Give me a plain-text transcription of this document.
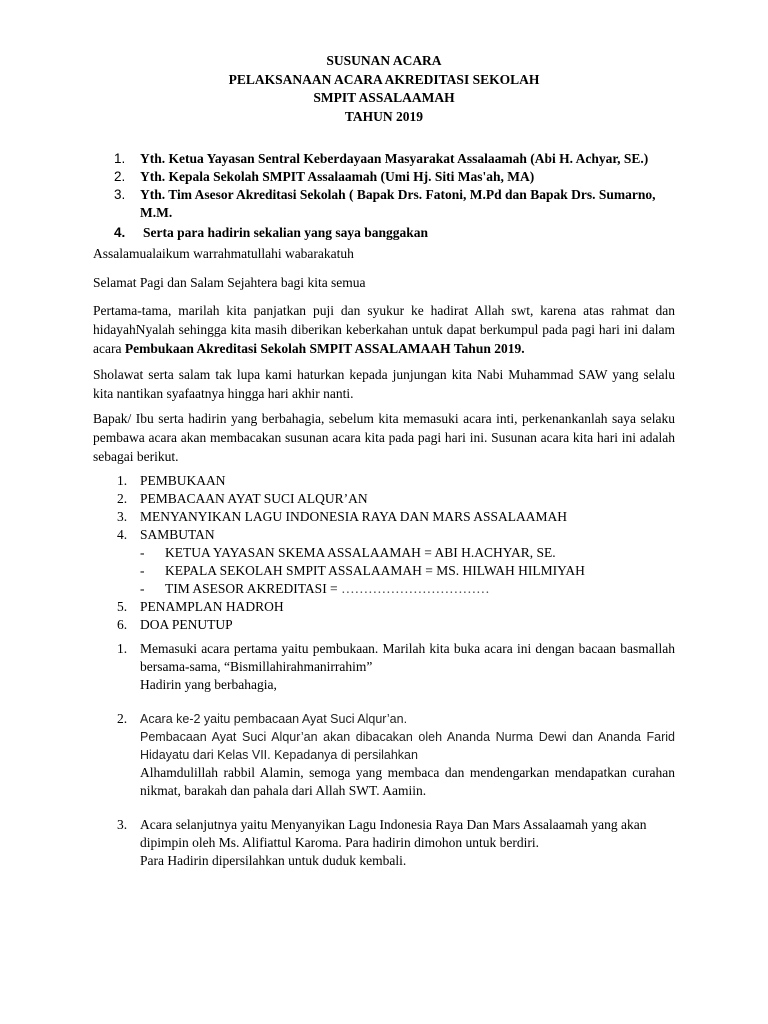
SUSUNAN ACARA
PELAKSANAAN ACARA AKREDITASI SEKOLAH
SMPIT ASSALAAMAH
TAHUN 2019
1. Yth. Ketua Yayasan Sentral Keberdayaan Masyarakat Assalaamah (Abi H. Achyar, SE.)
2. Yth. Kepala Sekolah SMPIT Assalaamah (Umi Hj. Siti Mas'ah, MA)
3. Yth. Tim Asesor Akreditasi Sekolah ( Bapak Drs. Fatoni, M.Pd dan Bapak Drs. Sumarno, M.M.
4. Serta para hadirin sekalian yang saya banggakan

Assalamualaikum warrahmatullahi wabarakatuh

Selamat Pagi dan Salam Sejahtera bagi kita semua

Pertama-tama, marilah kita panjatkan puji dan syukur ke hadirat Allah swt, karena atas rahmat dan hidayahNyalah sehingga kita masih diberikan keberkahan untuk dapat berkumpul pada pagi hari ini dalam acara Pembukaan Akreditasi Sekolah SMPIT ASSALAMAAH Tahun 2019.

Sholawat serta salam tak lupa kami haturkan kepada junjungan kita Nabi Muhammad SAW yang selalu kita nantikan syafaatnya hingga hari akhir nanti.

Bapak/ Ibu serta hadirin yang berbahagia, sebelum kita memasuki acara inti, perkenankanlah saya selaku pembawa acara akan membacakan susunan acara kita pada pagi hari ini. Susunan acara kita hari ini adalah sebagai berikut.

1. PEMBUKAAN
2. PEMBACAAN AYAT SUCI ALQUR’AN
3. MENYANYIKAN LAGU INDONESIA RAYA DAN MARS ASSALAAMAH
4. SAMBUTAN
- KETUA YAYASAN SKEMA ASSALAAMAH = ABI H.ACHYAR, SE.
- KEPALA SEKOLAH SMPIT ASSALAAMAH = MS. HILWAH HILMIYAH
- TIM ASESOR AKREDITASI = ……………………………
5. PENAMPLAN HADROH
6. DOA PENUTUP
1. Memasuki acara pertama yaitu pembukaan. Marilah kita buka acara ini dengan bacaan basmallah bersama-sama, “Bismillahirahmanirrahim”
Hadirin yang berbahagia,
2. Acara ke-2 yaitu pembacaan Ayat Suci Alqur’an.
Pembacaan Ayat Suci Alqur’an akan dibacakan oleh Ananda Nurma Dewi dan Ananda Farid Hidayatu dari Kelas VII. Kepadanya di persilahkan
Alhamdulillah rabbil Alamin, semoga yang membaca dan mendengarkan mendapatkan curahan nikmat, barakah dan pahala dari Allah SWT. Aamiin.
3. Acara selanjutnya yaitu Menyanyikan Lagu Indonesia Raya Dan Mars Assalaamah yang akan dipimpin oleh Ms. Alifiattul Karoma. Para hadirin dimohon untuk berdiri.
Para Hadirin dipersilahkan untuk duduk kembali.
